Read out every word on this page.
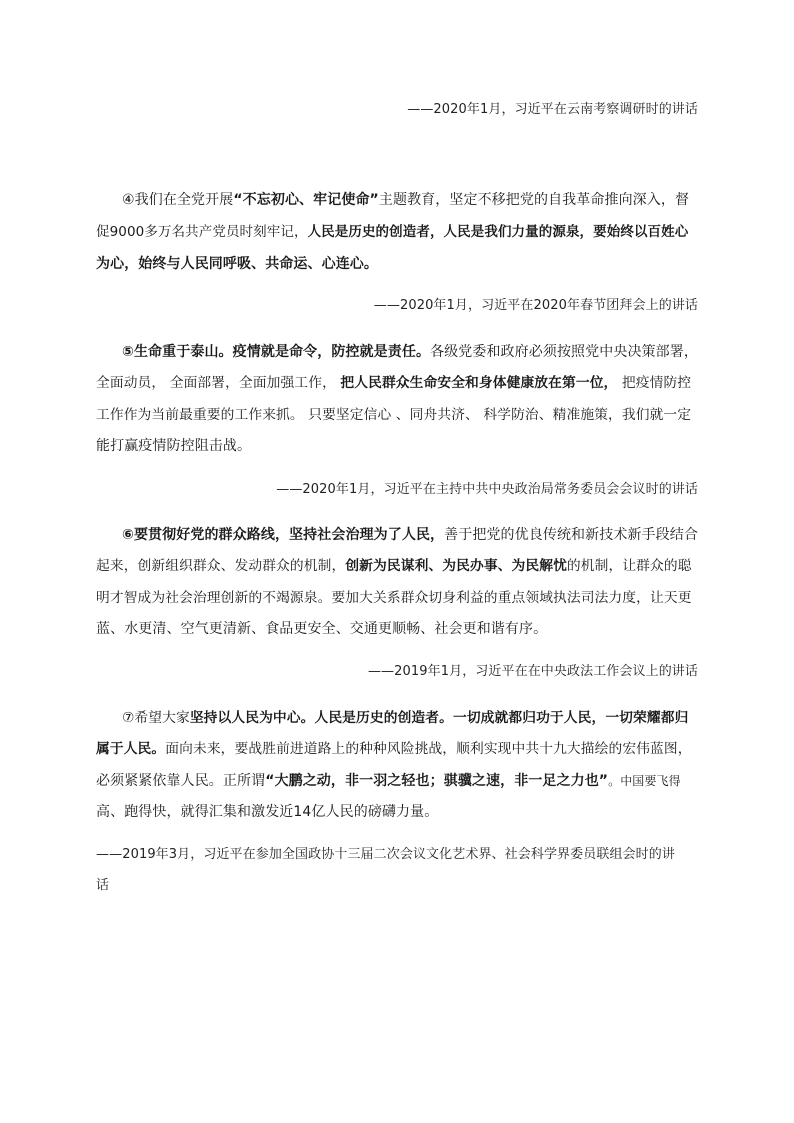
——2020年1月，习近平在云南考察调研时的讲话
④我们在全党开展“不忘初心、牢记使命”主题教育，坚定不移把党的自我革命推向深入，督
促9000多万名共产党员时刻牢记，人民是历史的创造者，人民是我们力量的源泉，要始终以百姓心
为心，始终与人民同呼吸、共命运、心连心。
——2020年1月，习近平在2020年春节团拜会上的讲话
⑤生命重于泰山。疫情就是命令，防控就是责任。各级党委和政府必须按照党中央决策部署，
全面动员， 全面部署，全面加强工作， 把人民群众生命安全和身体健康放在第一位， 把疫情防控
工作作为当前最重要的工作来抓。 只要坚定信心 、同舟共济、 科学防治、精准施策，我们就一定
能打赢疫情防控阻击战。
——2020年1月，习近平在主持中共中央政治局常务委员会会议时的讲话
⑥要贯彻好党的群众路线，坚持社会治理为了人民，善于把党的优良传统和新技术新手段结合
起来，创新组织群众、发动群众的机制，创新为民谋利、为民办事、为民解忧的机制，让群众的聪
明才智成为社会治理创新的不竭源泉。要加大关系群众切身利益的重点领域执法司法力度，让天更
蓝、水更清、空气更清新、食品更安全、交通更顺畅、社会更和谐有序。
——2019年1月，习近平在在中央政法工作会议上的讲话
⑦希望大家坚持以人民为中心。人民是历史的创造者。一切成就都归功于人民，一切荣耀都归
属于人民。面向未来，要战胜前进道路上的种种风险挑战，顺利实现中共十九大描绘的宏伟蓝图，
必须紧紧依靠人民。正所谓“大鹏之动，非一羽之轻也；骐骥之速，非一足之力也”。中国要飞得
高、跑得快，就得汇集和激发近14亿人民的磅礴力量。
——2019年3月，习近平在参加全国政协十三届二次会议文化艺术界、社会科学界委员联组会时的讲
话
